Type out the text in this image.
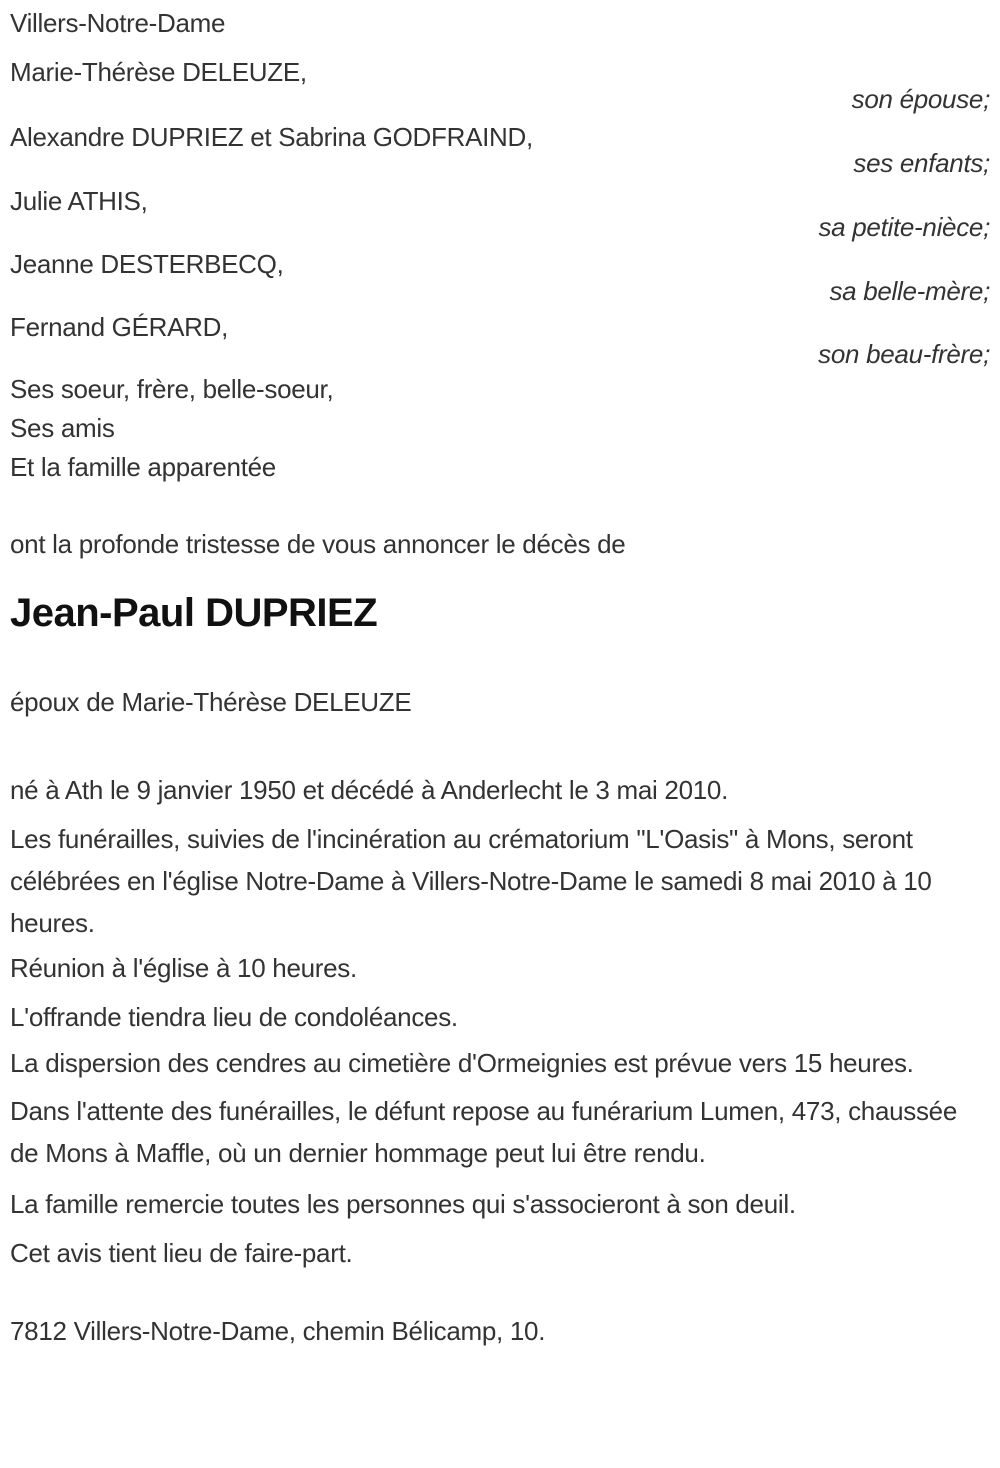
Villers-Notre-Dame
Marie-Thérèse DELEUZE,
son épouse;
Alexandre DUPRIEZ et Sabrina GODFRAIND,
ses enfants;
Julie ATHIS,
sa petite-nièce;
Jeanne DESTERBECQ,
sa belle-mère;
Fernand GÉRARD,
son beau-frère;
Ses soeur, frère, belle-soeur,
Ses amis
Et la famille apparentée
ont la profonde tristesse de vous annoncer le décès de
Jean-Paul DUPRIEZ
époux de Marie-Thérèse DELEUZE
né à Ath le 9 janvier 1950 et décédé à Anderlecht le 3 mai 2010.

Les funérailles, suivies de l'incinération au crématorium "L'Oasis" à Mons, seront célébrées en l'église Notre-Dame à Villers-Notre-Dame le samedi 8 mai 2010 à 10 heures.

Réunion à l'église à 10 heures.

L'offrande tiendra lieu de condoléances.

La dispersion des cendres au cimetière d'Ormeignies est prévue vers 15 heures.

Dans l'attente des funérailles, le défunt repose au funérarium Lumen, 473, chaussée de Mons à Maffle, où un dernier hommage peut lui être rendu.

La famille remercie toutes les personnes qui s'associeront à son deuil.

Cet avis tient lieu de faire-part.

7812 Villers-Notre-Dame, chemin Bélicamp, 10.
